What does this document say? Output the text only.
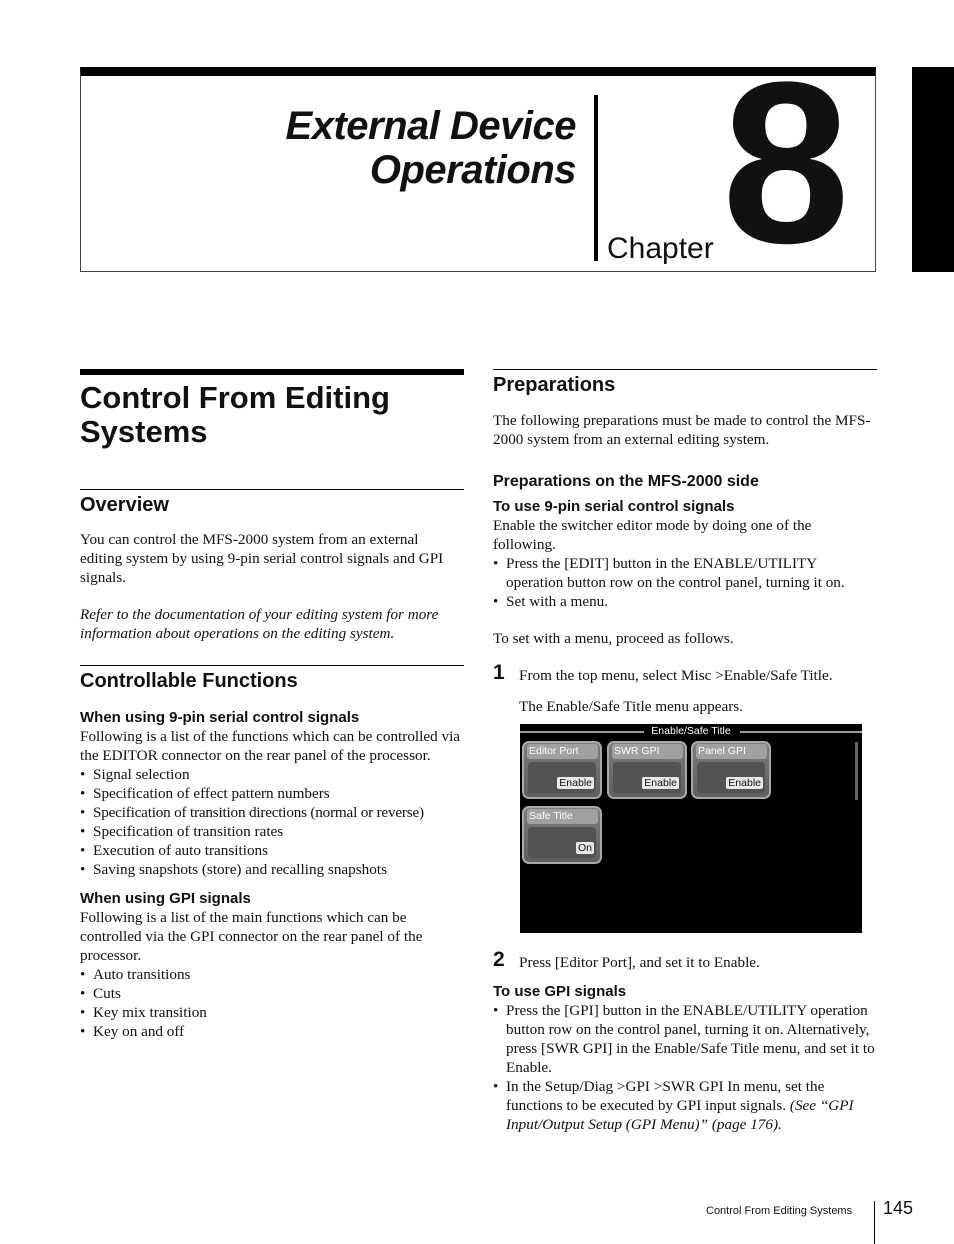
External Device
Operations
Chapter 8
Control From Editing
Systems
Overview

You can control the MFS-2000 system from an external editing system by using 9-pin serial control signals and GPI signals.

Refer to the documentation of your editing system for more information about operations on the editing system.

Controllable Functions
When using 9-pin serial control signals

Following is a list of the functions which can be controlled via the EDITOR connector on the rear panel of the processor.

• Signal selection
• Specification of effect pattern numbers
• Specification of transition directions (normal or reverse)
• Specification of transition rates
• Execution of auto transitions
• Saving snapshots (store) and recalling snapshots
When using GPI signals

Following is a list of the main functions which can be controlled via the GPI connector on the rear panel of the processor.

• Auto transitions
• Cuts
• Key mix transition
• Key on and off
Preparations

The following preparations must be made to control the MFS-2000 system from an external editing system.

Preparations on the MFS-2000 side
To use 9-pin serial control signals

Enable the switcher editor mode by doing one of the following.

• Press the [EDIT] button in the ENABLE/UTILITY operation button row on the control panel, turning it on.
• Set with a menu.

To set with a menu, proceed as follows.

1 From the top menu, select Misc >Enable/Safe Title.

The Enable/Safe Title menu appears.

Enable/Safe Title
Editor Port
Enable
SWR GPI
Enable
Panel GPI
Enable
Safe Title
On
2 Press [Editor Port], and set it to Enable.

To use GPI signals
• Press the [GPI] button in the ENABLE/UTILITY operation button row on the control panel, turning it on. Alternatively, press [SWR GPI] in the Enable/Safe Title menu, and set it to Enable.
• In the Setup/Diag >GPI >SWR GPI In menu, set the functions to be executed by GPI input signals. (See “GPI Input/Output Setup (GPI Menu)” (page 176).
Control From Editing Systems 145
